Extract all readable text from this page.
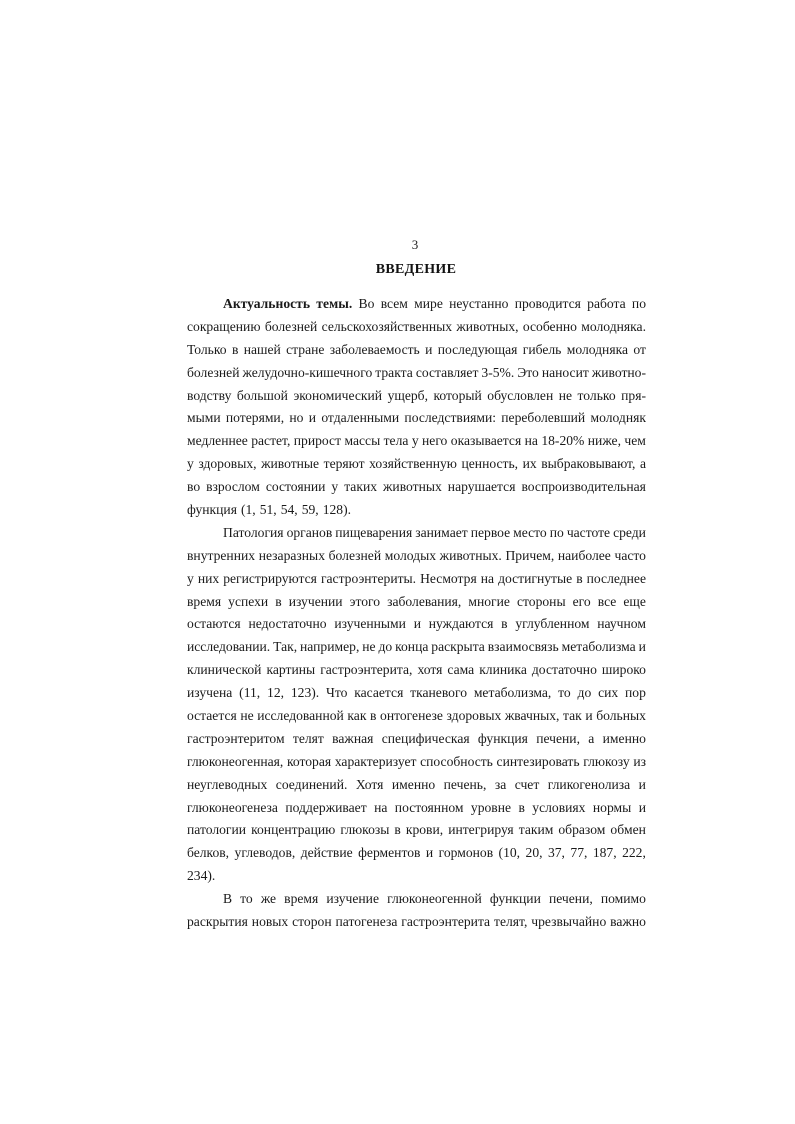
3
ВВЕДЕНИЕ
Актуальность темы. Во всем мире неустанно проводится работа по
сокращению болезней сельскохозяйственных животных, особенно молодняка.
Только в нашей стране заболеваемость и последующая гибель молодняка от
болезней желудочно-кишечного тракта составляет 3-5%. Это наносит животно-
водству большой экономический ущерб, который обусловлен не только пря-
мыми потерями, но и отдаленными последствиями: переболевший молодняк
медленнее растет, прирост массы тела у него оказывается на 18-20% ниже, чем
у здоровых, животные теряют хозяйственную ценность, их выбраковывают, а
во взрослом состоянии у таких животных нарушается воспроизводительная
функция (1, 51, 54, 59, 128).
Патология органов пищеварения занимает первое место по частоте среди
внутренних незаразных болезней молодых животных. Причем, наиболее часто
у них регистрируются гастроэнтериты. Несмотря на достигнутые в последнее
время успехи в изучении этого заболевания, многие стороны его все еще
остаются недостаточно изученными и нуждаются в углубленном научном
исследовании. Так, например, не до конца раскрыта взаимосвязь метаболизма и
клинической картины гастроэнтерита, хотя сама клиника достаточно широко
изучена (11, 12, 123). Что касается тканевого метаболизма, то до сих пор
остается не исследованной как в онтогенезе здоровых жвачных, так и больных
гастроэнтеритом телят важная специфическая функция печени, а именно
глюконеогенная, которая характеризует способность синтезировать глюкозу из
неуглеводных соединений. Хотя именно печень, за счет гликогенолиза и
глюконеогенеза поддерживает на постоянном уровне в условиях нормы и
патологии концентрацию глюкозы в крови, интегрируя таким образом обмен
белков, углеводов, действие ферментов и гормонов (10, 20, 37, 77, 187, 222,
234).
В то же время изучение глюконеогенной функции печени, помимо
раскрытия новых сторон патогенеза гастроэнтерита телят, чрезвычайно важно
